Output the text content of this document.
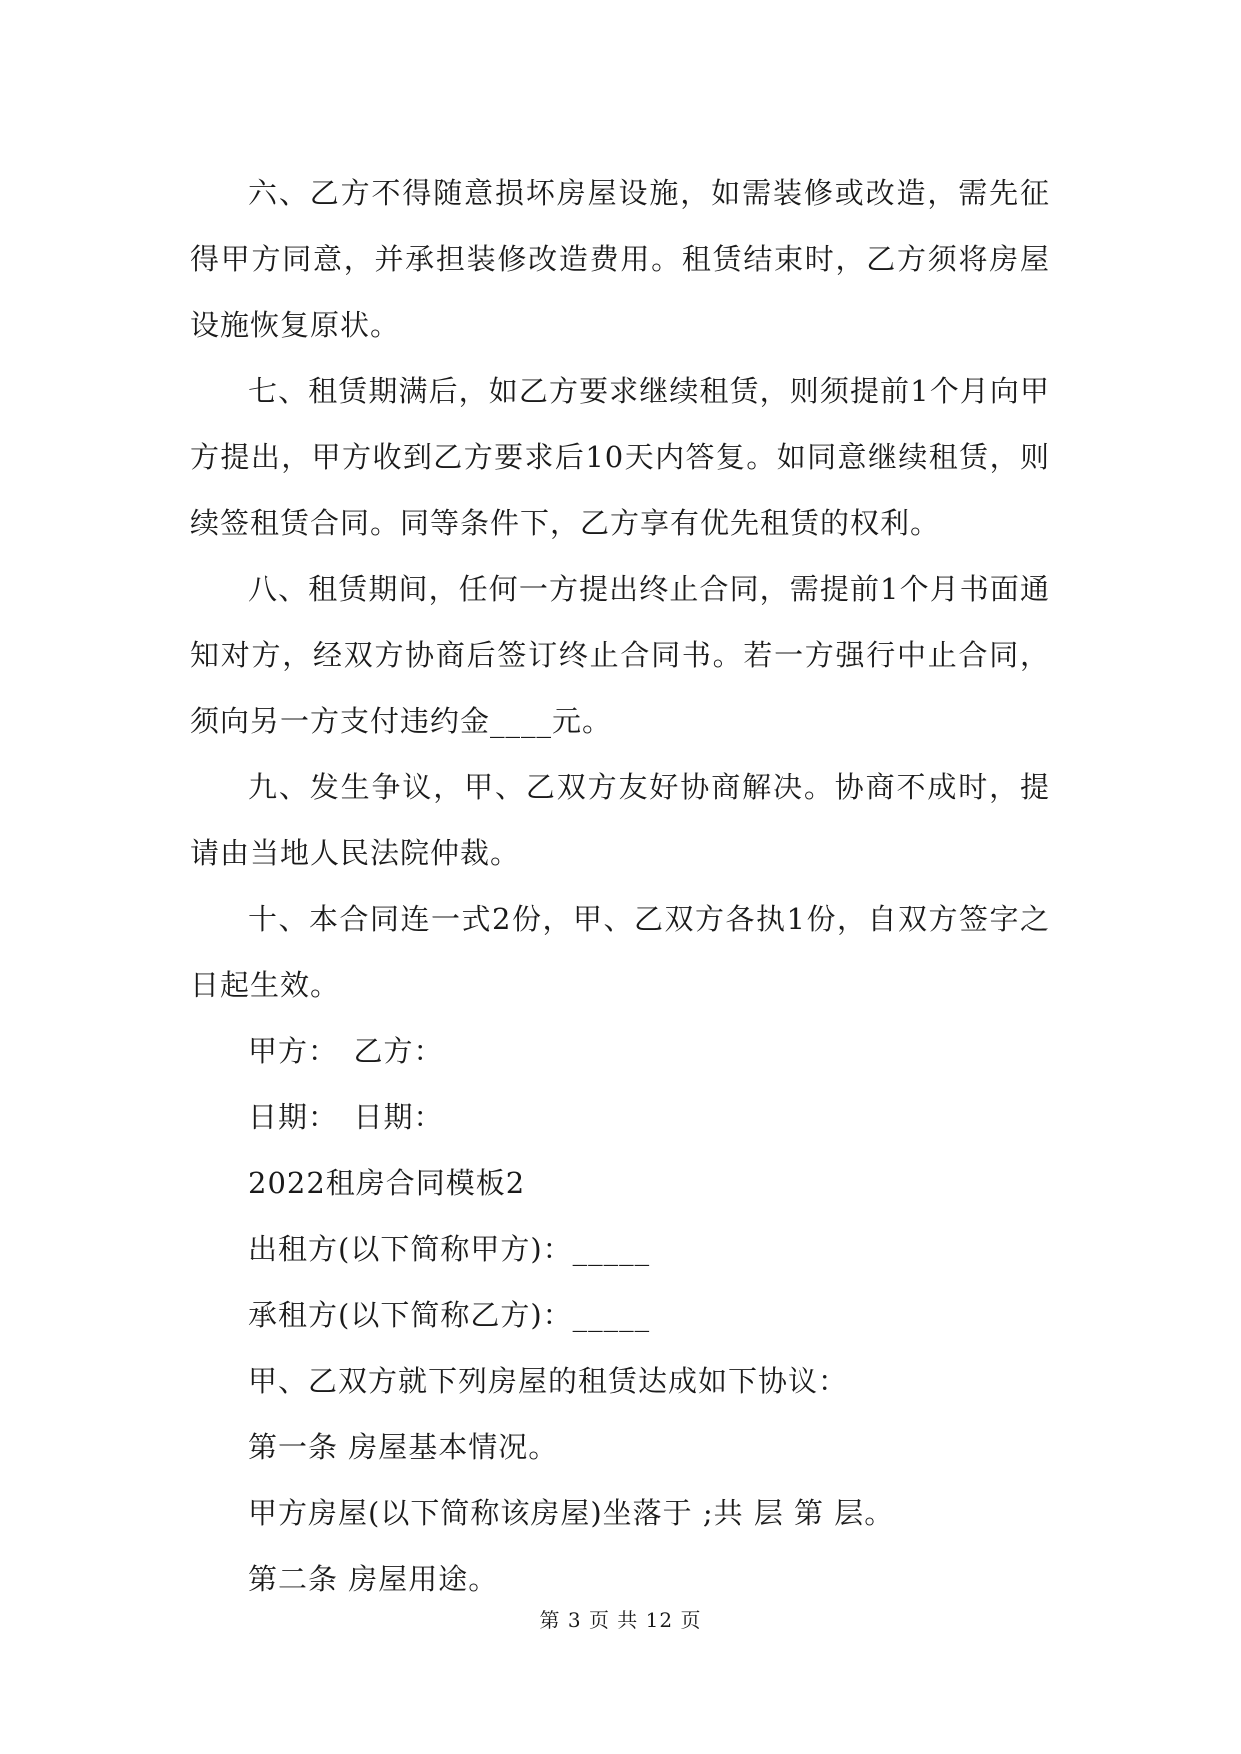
六、乙方不得随意损坏房屋设施，如需装修或改造，需先征得甲方同意，并承担装修改造费用。租赁结束时，乙方须将房屋设施恢复原状。

七、租赁期满后，如乙方要求继续租赁，则须提前1个月向甲方提出，甲方收到乙方要求后10天内答复。如同意继续租赁，则续签租赁合同。同等条件下，乙方享有优先租赁的权利。

八、租赁期间，任何一方提出终止合同，需提前1个月书面通知对方，经双方协商后签订终止合同书。若一方强行中止合同，须向另一方支付违约金____元。

九、发生争议，甲、乙双方友好协商解决。协商不成时，提请由当地人民法院仲裁。

十、本合同连一式2份，甲、乙双方各执1份，自双方签字之日起生效。

甲方：　乙方：

日期：　日期：

2022租房合同模板2

出租方(以下简称甲方)：_____

承租方(以下简称乙方)：_____

甲、乙双方就下列房屋的租赁达成如下协议：

第一条 房屋基本情况。

甲方房屋(以下简称该房屋)坐落于 ;共 层 第 层。

第二条 房屋用途。

第 3 页 共 12 页
